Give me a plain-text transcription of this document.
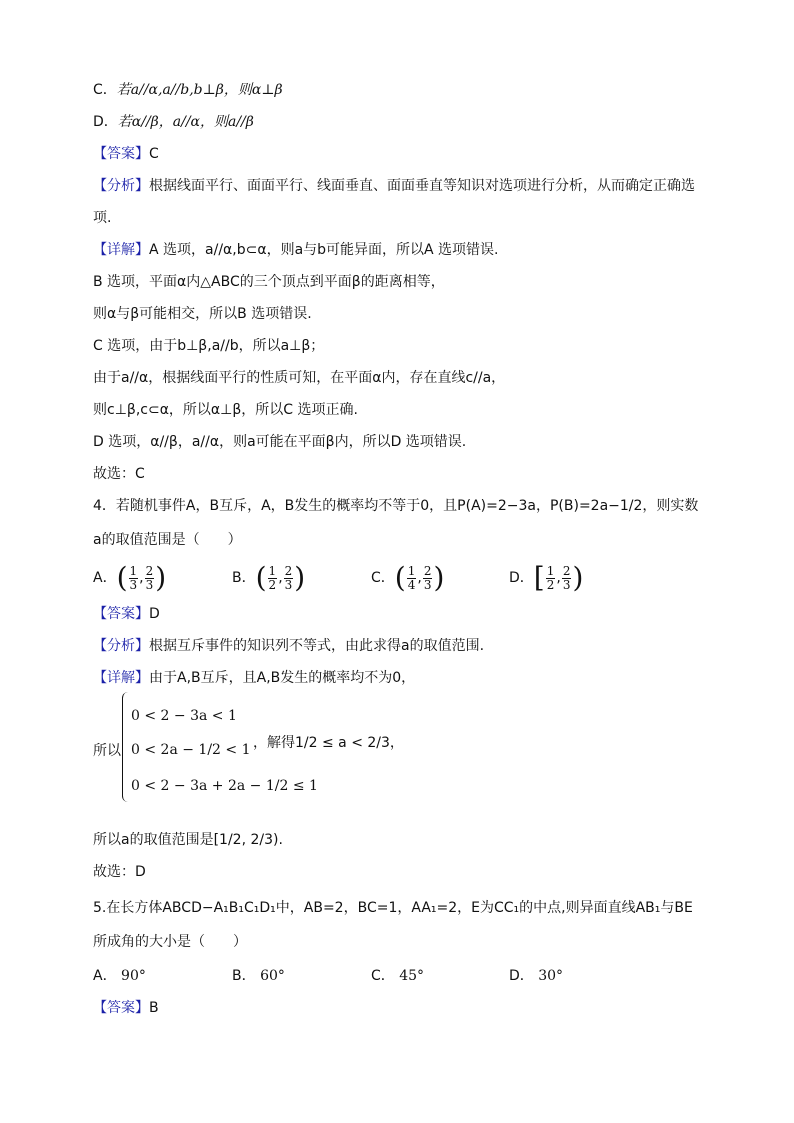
C．若a//α,a//b,b⊥β，则α⊥β
D．若α//β，a//α，则a//β
【答案】C
【分析】根据线面平行、面面平行、线面垂直、面面垂直等知识对选项进行分析，从而确定正确选
项.
【详解】A 选项，a//α,b⊂α，则a与b可能异面，所以A 选项错误.
B 选项，平面α内△ABC的三个顶点到平面β的距离相等，
则α与β可能相交，所以B 选项错误.
C 选项，由于b⊥β,a//b，所以a⊥β；
由于a//α，根据线面平行的性质可知，在平面α内，存在直线c//a，
则c⊥β,c⊂α，所以α⊥β，所以C 选项正确.
D 选项，α//β，a//α，则a可能在平面β内，所以D 选项错误.
故选：C
4．若随机事件A，B互斥，A，B发生的概率均不等于0，且P(A)=2−3a，P(B)=2a−1/2，则实数
a的取值范围是（　　）
A．( $\frac{1}{3}$ , $\frac{2}{3}$ )	B．( $\frac{1}{2}$ , $\frac{2}{3}$ )	C．( $\frac{1}{4}$ , $\frac{2}{3}$ )	D．[ $\frac{1}{2}$ , $\frac{2}{3}$ )
【答案】D
【分析】根据互斥事件的知识列不等式，由此求得a的取值范围.
【详解】由于A,B互斥，且A,B发生的概率均不为0，
所以
0 < 2 − 3a < 1
0 < 2a − 1/2 < 1
0 < 2 − 3a + 2a − 1/2 ≤ 1
，解得1/2 ≤ a < 2/3，
所以a的取值范围是[1/2, 2/3).
故选：D
5.在长方体ABCD−A₁B₁C₁D₁中，AB=2，BC=1，AA₁=2，E为CC₁的中点,则异面直线AB₁与BE
所成角的大小是（　　）
A． 90°	B． 60°	C． 45°	D． 30°
【答案】B
